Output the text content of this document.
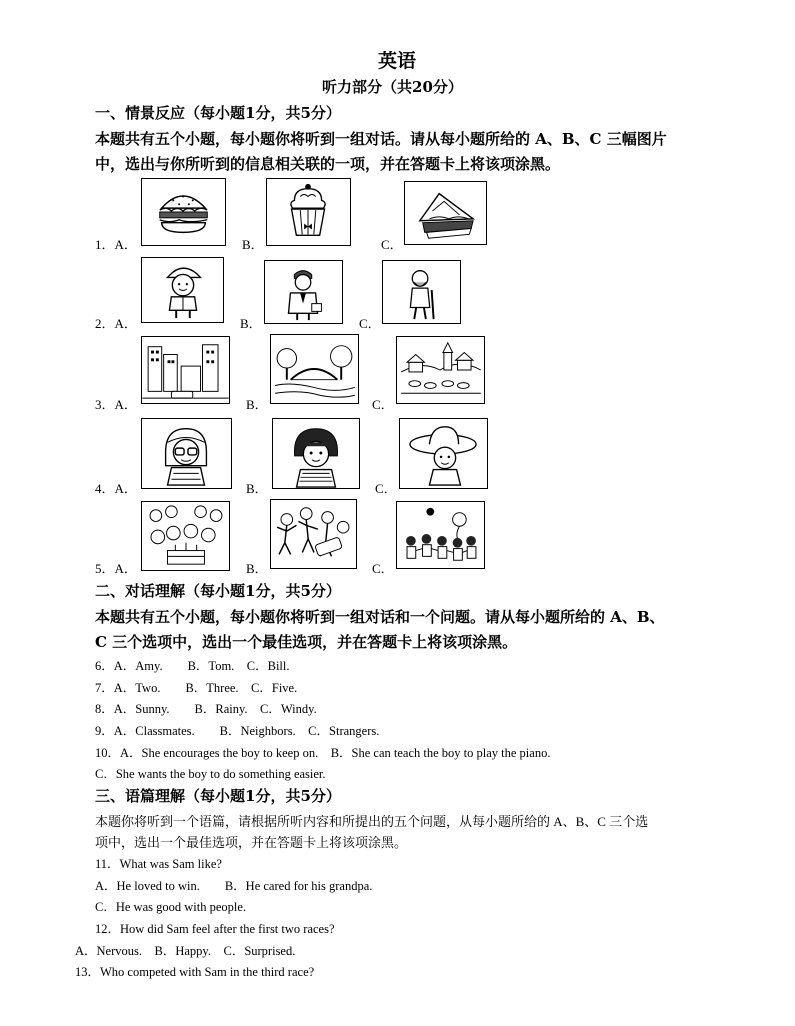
英语
听力部分（共20分）
一、情景反应（每小题1分，共5分）
本题共有五个小题，每小题你将听到一组对话。请从每小题所给的 A、B、C 三幅图片
中，选出与你所听到的信息相关联的一项，并在答题卡上将该项涂黑。
1．A．	B．	C．
2．A．	B．	C．
3．A．	B．	C．
4．A．	B．	C．
5．A．	B．	C．
二、对话理解（每小题1分，共5分）
本题共有五个小题，每小题你将听到一组对话和一个问题。请从每小题所给的 A、B、
C 三个选项中，选出一个最佳选项，并在答题卡上将该项涂黑。
6．A．Amy.　　B．Tom.　C．Bill.
7．A．Two.　　B．Three.　C．Five.
8．A．Sunny.　　B．Rainy.　C．Windy.
9．A．Classmates.　　B．Neighbors.　C．Strangers.
10．A．She encourages the boy to keep on.　B．She can teach the boy to play the piano.
C．She wants the boy to do something easier.
三、语篇理解（每小题1分，共5分）
本题你将听到一个语篇，请根据所听内容和所提出的五个问题，从每小题所给的 A、B、C 三个选
项中，选出一个最佳选项，并在答题卡上将该项涂黑。
11．What was Sam like?
A．He loved to win.　　B．He cared for his grandpa.
C．He was good with people.
12．How did Sam feel after the first two races?
A．Nervous.　B．Happy.　C．Surprised.
13．Who competed with Sam in the third race?
